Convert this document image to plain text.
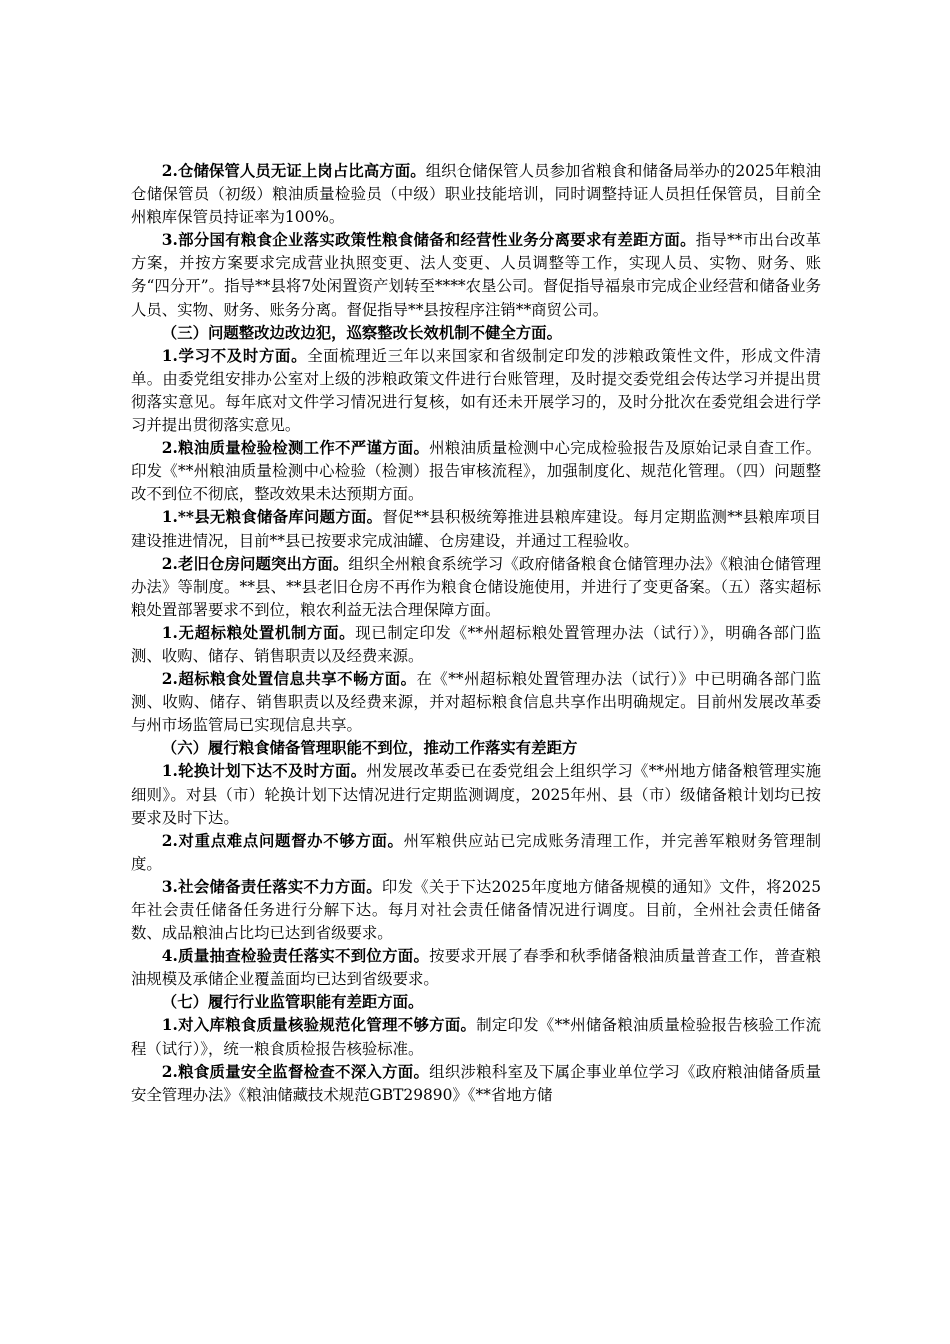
2.仓储保管人员无证上岗占比高方面。组织仓储保管人员参加省粮食和储备局举办的2025年粮油仓储保管员（初级）粮油质量检验员（中级）职业技能培训，同时调整持证人员担任保管员，目前全州粮库保管员持证率为100%。

3.部分国有粮食企业落实政策性粮食储备和经营性业务分离要求有差距方面。指导**市出台改革方案，并按方案要求完成营业执照变更、法人变更、人员调整等工作，实现人员、实物、财务、账务“四分开”。指导**县将7处闲置资产划转至****农垦公司。督促指导福泉市完成企业经营和储备业务人员、实物、财务、账务分离。督促指导**县按程序注销**商贸公司。

（三）问题整改边改边犯，巡察整改长效机制不健全方面。

1.学习不及时方面。全面梳理近三年以来国家和省级制定印发的涉粮政策性文件，形成文件清单。由委党组安排办公室对上级的涉粮政策文件进行台账管理，及时提交委党组会传达学习并提出贯彻落实意见。每年底对文件学习情况进行复核，如有还未开展学习的，及时分批次在委党组会进行学习并提出贯彻落实意见。

2.粮油质量检验检测工作不严谨方面。州粮油质量检测中心完成检验报告及原始记录自查工作。印发《**州粮油质量检测中心检验（检测）报告审核流程》，加强制度化、规范化管理。（四）问题整改不到位不彻底，整改效果未达预期方面。

1.**县无粮食储备库问题方面。督促**县积极统筹推进县粮库建设。每月定期监测**县粮库项目建设推进情况，目前**县已按要求完成油罐、仓房建设，并通过工程验收。

2.老旧仓房问题突出方面。组织全州粮食系统学习《政府储备粮食仓储管理办法》《粮油仓储管理办法》等制度。**县、**县老旧仓房不再作为粮食仓储设施使用，并进行了变更备案。（五）落实超标粮处置部署要求不到位，粮农利益无法合理保障方面。

1.无超标粮处置机制方面。现已制定印发《**州超标粮处置管理办法（试行）》，明确各部门监测、收购、储存、销售职责以及经费来源。

2.超标粮食处置信息共享不畅方面。在《**州超标粮处置管理办法（试行）》中已明确各部门监测、收购、储存、销售职责以及经费来源，并对超标粮食信息共享作出明确规定。目前州发展改革委与州市场监管局已实现信息共享。

（六）履行粮食储备管理职能不到位，推动工作落实有差距方

1.轮换计划下达不及时方面。州发展改革委已在委党组会上组织学习《**州地方储备粮管理实施细则》。对县（市）轮换计划下达情况进行定期监测调度，2025年州、县（市）级储备粮计划均已按要求及时下达。

2.对重点难点问题督办不够方面。州军粮供应站已完成账务清理工作，并完善军粮财务管理制度。

3.社会储备责任落实不力方面。印发《关于下达2025年度地方储备规模的通知》文件，将2025年社会责任储备任务进行分解下达。每月对社会责任储备情况进行调度。目前，全州社会责任储备数、成品粮油占比均已达到省级要求。

4.质量抽查检验责任落实不到位方面。按要求开展了春季和秋季储备粮油质量普查工作，普查粮油规模及承储企业覆盖面均已达到省级要求。

（七）履行行业监管职能有差距方面。

1.对入库粮食质量核验规范化管理不够方面。制定印发《**州储备粮油质量检验报告核验工作流程（试行）》，统一粮食质检报告核验标准。

2.粮食质量安全监督检查不深入方面。组织涉粮科室及下属企事业单位学习《政府粮油储备质量安全管理办法》《粮油储藏技术规范GBT29890》《**省地方储
